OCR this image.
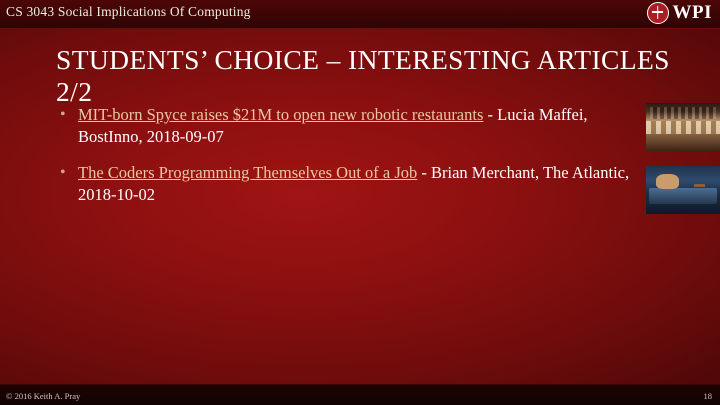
CS 3043 Social Implications Of Computing	WPI
STUDENTS’ CHOICE – INTERESTING ARTICLES 2/2
• MIT-born Spyce raises $21M to open new robotic restaurants - Lucia Maffei, BostInno, 2018-09-07
• The Coders Programming Themselves Out of a Job - Brian Merchant, The Atlantic, 2018-10-02
© 2016 Keith A. Pray	18
